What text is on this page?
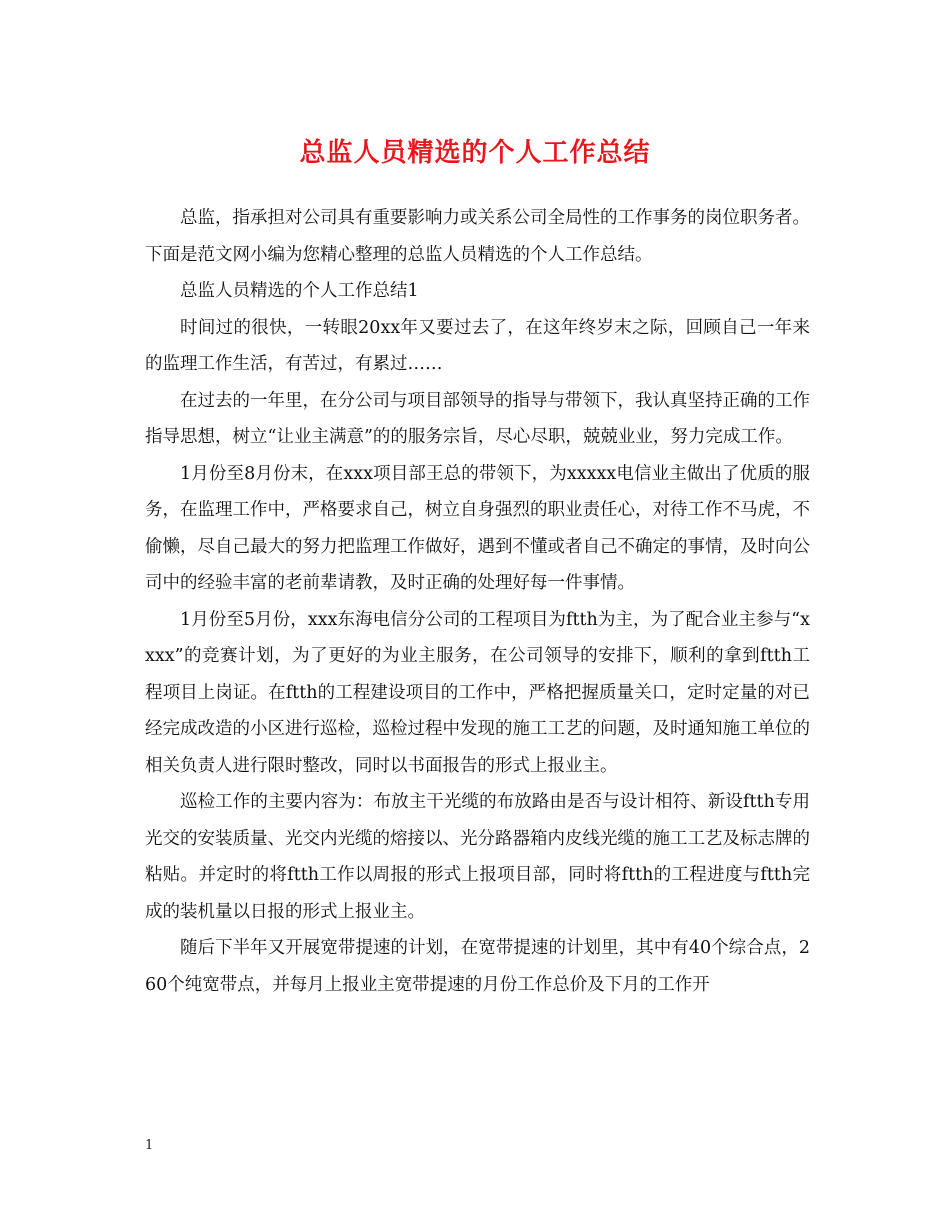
总监人员精选的个人工作总结

总监，指承担对公司具有重要影响力或关系公司全局性的工作事务的岗位职务者。下面是范文网小编为您精心整理的总监人员精选的个人工作总结。

总监人员精选的个人工作总结1

时间过的很快，一转眼20xx年又要过去了，在这年终岁末之际，回顾自己一年来的监理工作生活，有苦过，有累过……

在过去的一年里，在分公司与项目部领导的指导与带领下，我认真坚持正确的工作指导思想，树立“让业主满意”的的服务宗旨，尽心尽职，兢兢业业，努力完成工作。

1月份至8月份末，在xxx项目部王总的带领下，为xxxxx电信业主做出了优质的服务，在监理工作中，严格要求自己，树立自身强烈的职业责任心，对待工作不马虎，不偷懒，尽自己最大的努力把监理工作做好，遇到不懂或者自己不确定的事情，及时向公司中的经验丰富的老前辈请教，及时正确的处理好每一件事情。

1月份至5月份，xxx东海电信分公司的工程项目为ftth为主，为了配合业主参与“xxxx”的竞赛计划，为了更好的为业主服务，在公司领导的安排下，顺利的拿到ftth工程项目上岗证。在ftth的工程建设项目的工作中，严格把握质量关口，定时定量的对已经完成改造的小区进行巡检，巡检过程中发现的施工工艺的问题，及时通知施工单位的相关负责人进行限时整改，同时以书面报告的形式上报业主。

巡检工作的主要内容为：布放主干光缆的布放路由是否与设计相符、新设ftth专用光交的安装质量、光交内光缆的熔接以、光分路器箱内皮线光缆的施工工艺及标志牌的粘贴。并定时的将ftth工作以周报的形式上报项目部，同时将ftth的工程进度与ftth完成的装机量以日报的形式上报业主。

随后下半年又开展宽带提速的计划，在宽带提速的计划里，其中有40个综合点，260个纯宽带点，并每月上报业主宽带提速的月份工作总价及下月的工作开

1
